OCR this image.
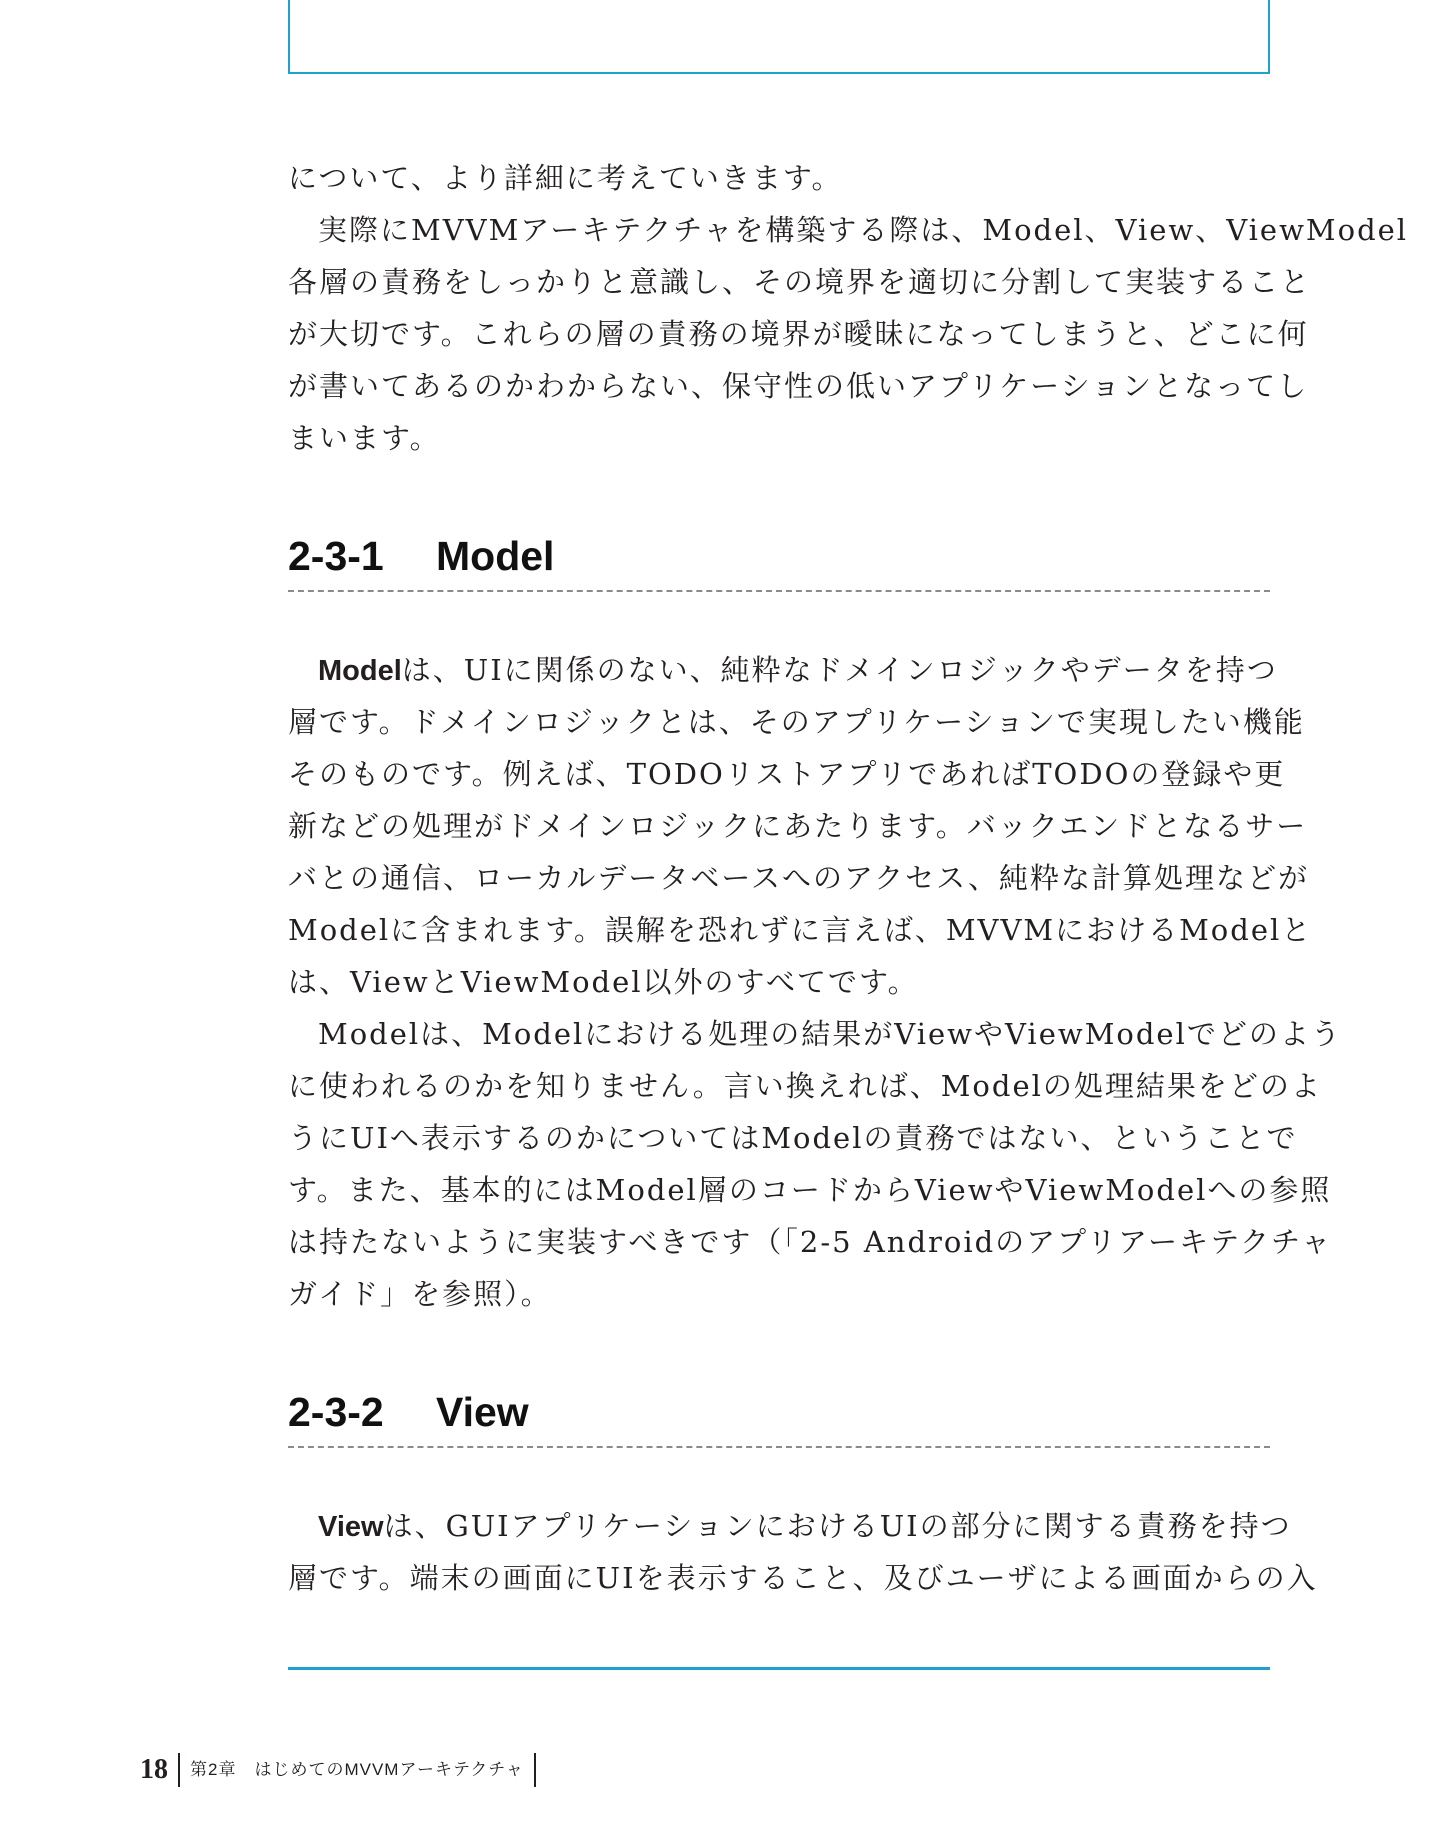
について、より詳細に考えていきます。
実際にMVVMアーキテクチャを構築する際は、Model、View、ViewModel
各層の責務をしっかりと意識し、その境界を適切に分割して実装すること
が大切です。これらの層の責務の境界が曖昧になってしまうと、どこに何
が書いてあるのかわからない、保守性の低いアプリケーションとなってし
まいます。
2-3-1 Model
Modelは、UIに関係のない、純粋なドメインロジックやデータを持つ
層です。ドメインロジックとは、そのアプリケーションで実現したい機能
そのものです。例えば、TODOリストアプリであればTODOの登録や更
新などの処理がドメインロジックにあたります。バックエンドとなるサー
バとの通信、ローカルデータベースへのアクセス、純粋な計算処理などが
Modelに含まれます。誤解を恐れずに言えば、MVVMにおけるModelと
は、ViewとViewModel以外のすべてです。
Modelは、Modelにおける処理の結果がViewやViewModelでどのよう
に使われるのかを知りません。言い換えれば、Modelの処理結果をどのよ
うにUIへ表示するのかについてはModelの責務ではない、ということで
す。また、基本的にはModel層のコードからViewやViewModelへの参照
は持たないように実装すべきです（「2-5 Androidのアプリアーキテクチャ
ガイド」を参照）。
2-3-2 View
Viewは、GUIアプリケーションにおけるUIの部分に関する責務を持つ
層です。端末の画面にUIを表示すること、及びユーザによる画面からの入
18	第2章　はじめてのMVVMアーキテクチャ
